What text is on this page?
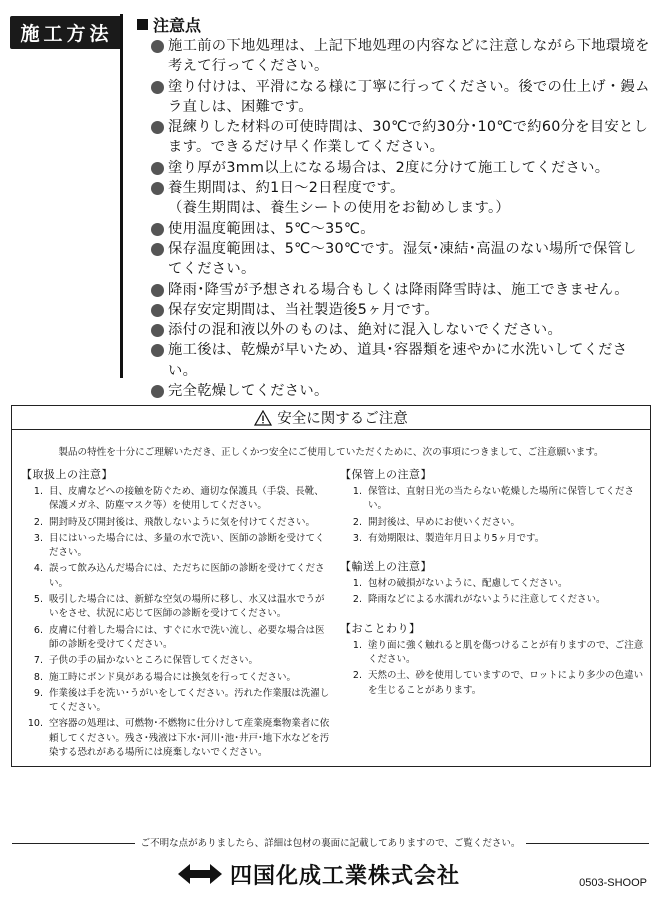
施工方法	注意点
施工前の下地処理は、上記下地処理の内容などに注意しながら下地環境を考えて行ってください。
塗り付けは、平滑になる様に丁寧に行ってください。後での仕上げ・鏝ムラ直しは、困難です。
混練りした材料の可使時間は、30℃で約30分･10℃で約60分を目安とします。できるだけ早く作業してください。
塗り厚が3mm以上になる場合は、2度に分けて施工してください。
養生期間は、約1日～2日程度です。
（養生期間は、養生シートの使用をお勧めします。）
使用温度範囲は、5℃～35℃。
保存温度範囲は、5℃～30℃です。湿気･凍結･高温のない場所で保管してください。
降雨･降雪が予想される場合もしくは降雨降雪時は、施工できません。
保存安定期間は、当社製造後5ヶ月です。
添付の混和液以外のものは、絶対に混入しないでください。
施工後は、乾燥が早いため、道具･容器類を速やかに水洗いしてください。
完全乾燥してください。
安全に関するご注意
製品の特性を十分にご理解いただき、正しくかつ安全にご使用していただくために、次の事項につきまして、ご注意願います。
【取扱上の注意】
1. 目、皮膚などへの接触を防ぐため、適切な保護具（手袋、長靴、保護メガネ、防塵マスク等）を使用してください。
2. 開封時及び開封後は、飛散しないように気を付けてください。
3. 目にはいった場合には、多量の水で洗い、医師の診断を受けてください。
4. 誤って飲み込んだ場合には、ただちに医師の診断を受けてください。
5. 吸引した場合には、新鮮な空気の場所に移し、水又は温水でうがいをさせ、状況に応じて医師の診断を受けてください。
6. 皮膚に付着した場合には、すぐに水で洗い流し、必要な場合は医師の診断を受けてください。
7. 子供の手の届かないところに保管してください。
8. 施工時にボンド臭がある場合には換気を行ってください。
9. 作業後は手を洗い･うがいをしてください。汚れた作業服は洗濯してください。
10. 空容器の処理は、可燃物･不燃物に仕分けして産業廃棄物業者に依頼してください。残さ･残液は下水･河川･池･井戸･地下水などを汚染する恐れがある場所には廃棄しないでください。
【保管上の注意】
1. 保管は、直射日光の当たらない乾燥した場所に保管してください。
2. 開封後は、早めにお使いください。
3. 有効期限は、製造年月日より5ヶ月です。
【輸送上の注意】
1. 包材の破損がないように、配慮してください。
2. 降雨などによる水濡れがないように注意してください。
【おことわり】
1. 塗り面に強く触れると肌を傷つけることが有りますので、ご注意ください。
2. 天然の土、砂を使用していますので、ロットにより多少の色違いを生じることがあります。
ご不明な点がありましたら、詳細は包材の裏面に記載してありますので、ご覧ください。
四国化成工業株式会社	0503-SHOOP
